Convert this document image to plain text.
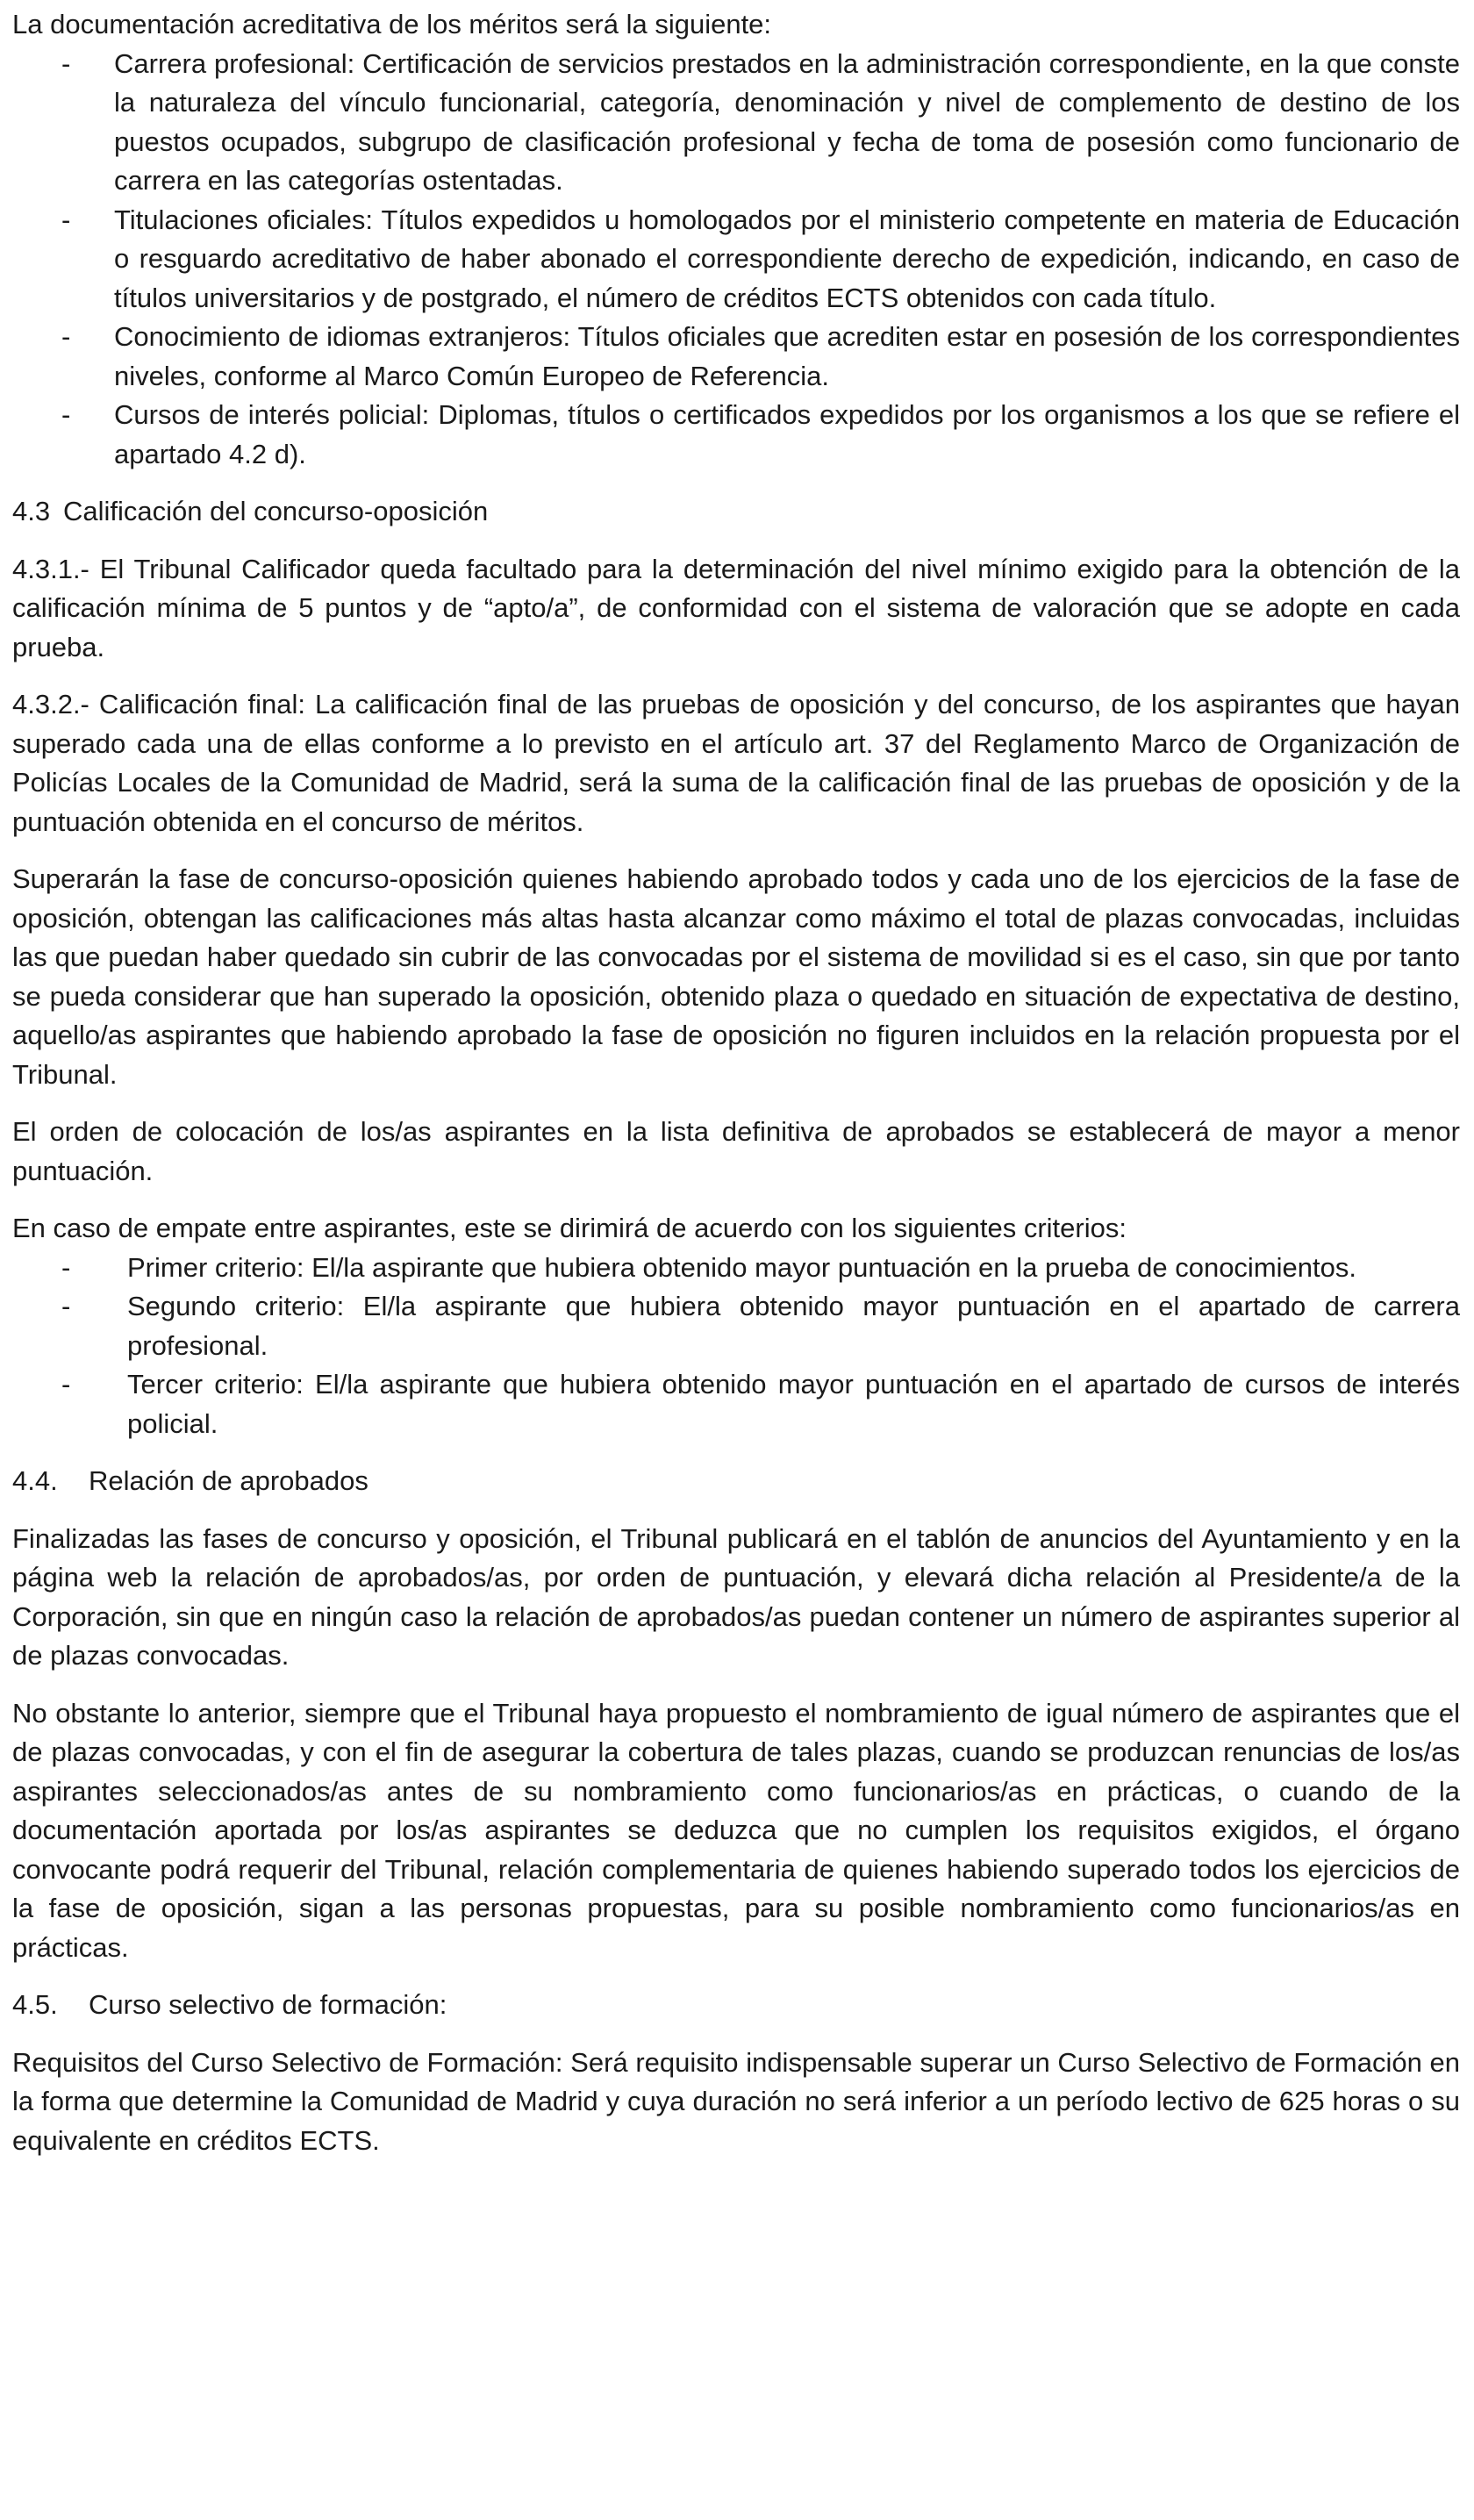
La documentación acreditativa de los méritos será la siguiente:

- Carrera profesional: Certificación de servicios prestados en la administración correspondiente, en la que conste la naturaleza del vínculo funcionarial, categoría, denominación y nivel de complemento de destino de los puestos ocupados, subgrupo de clasificación profesional y fecha de toma de posesión como funcionario de carrera en las categorías ostentadas.
- Titulaciones oficiales: Títulos expedidos u homologados por el ministerio competente en materia de Educación o resguardo acreditativo de haber abonado el correspondiente derecho de expedición, indicando, en caso de títulos universitarios y de postgrado, el número de créditos ECTS obtenidos con cada título.
- Conocimiento de idiomas extranjeros: Títulos oficiales que acrediten estar en posesión de los correspondientes niveles, conforme al Marco Común Europeo de Referencia.
- Cursos de interés policial: Diplomas, títulos o certificados expedidos por los organismos a los que se refiere el apartado 4.2 d).

4.3 Calificación del concurso-oposición

4.3.1.- El Tribunal Calificador queda facultado para la determinación del nivel mínimo exigido para la obtención de la calificación mínima de 5 puntos y de “apto/a”, de conformidad con el sistema de valoración que se adopte en cada prueba.

4.3.2.- Calificación final: La calificación final de las pruebas de oposición y del concurso, de los aspirantes que hayan superado cada una de ellas conforme a lo previsto en el artículo art. 37 del Reglamento Marco de Organización de Policías Locales de la Comunidad de Madrid, será la suma de la calificación final de las pruebas de oposición y de la puntuación obtenida en el concurso de méritos.

Superarán la fase de concurso-oposición quienes habiendo aprobado todos y cada uno de los ejercicios de la fase de oposición, obtengan las calificaciones más altas hasta alcanzar como máximo el total de plazas convocadas, incluidas las que puedan haber quedado sin cubrir de las convocadas por el sistema de movilidad si es el caso, sin que por tanto se pueda considerar que han superado la oposición, obtenido plaza o quedado en situación de expectativa de destino, aquello/as aspirantes que habiendo aprobado la fase de oposición no figuren incluidos en la relación propuesta por el Tribunal.

El orden de colocación de los/as aspirantes en la lista definitiva de aprobados se establecerá de mayor a menor puntuación.

En caso de empate entre aspirantes, este se dirimirá de acuerdo con los siguientes criterios:

- Primer criterio: El/la aspirante que hubiera obtenido mayor puntuación en la prueba de conocimientos.
- Segundo criterio: El/la aspirante que hubiera obtenido mayor puntuación en el apartado de carrera profesional.
- Tercer criterio: El/la aspirante que hubiera obtenido mayor puntuación en el apartado de cursos de interés policial.

4.4. Relación de aprobados

Finalizadas las fases de concurso y oposición, el Tribunal publicará en el tablón de anuncios del Ayuntamiento y en la página web la relación de aprobados/as, por orden de puntuación, y elevará dicha relación al Presidente/a de la Corporación, sin que en ningún caso la relación de aprobados/as puedan contener un número de aspirantes superior al de plazas convocadas.

No obstante lo anterior, siempre que el Tribunal haya propuesto el nombramiento de igual número de aspirantes que el de plazas convocadas, y con el fin de asegurar la cobertura de tales plazas, cuando se produzcan renuncias de los/as aspirantes seleccionados/as antes de su nombramiento como funcionarios/as en prácticas, o cuando de la documentación aportada por los/as aspirantes se deduzca que no cumplen los requisitos exigidos, el órgano convocante podrá requerir del Tribunal, relación complementaria de quienes habiendo superado todos los ejercicios de la fase de oposición, sigan a las personas propuestas, para su posible nombramiento como funcionarios/as en prácticas.

4.5. Curso selectivo de formación:

Requisitos del Curso Selectivo de Formación: Será requisito indispensable superar un Curso Selectivo de Formación en la forma que determine la Comunidad de Madrid y cuya duración no será inferior a un período lectivo de 625 horas o su equivalente en créditos ECTS.
